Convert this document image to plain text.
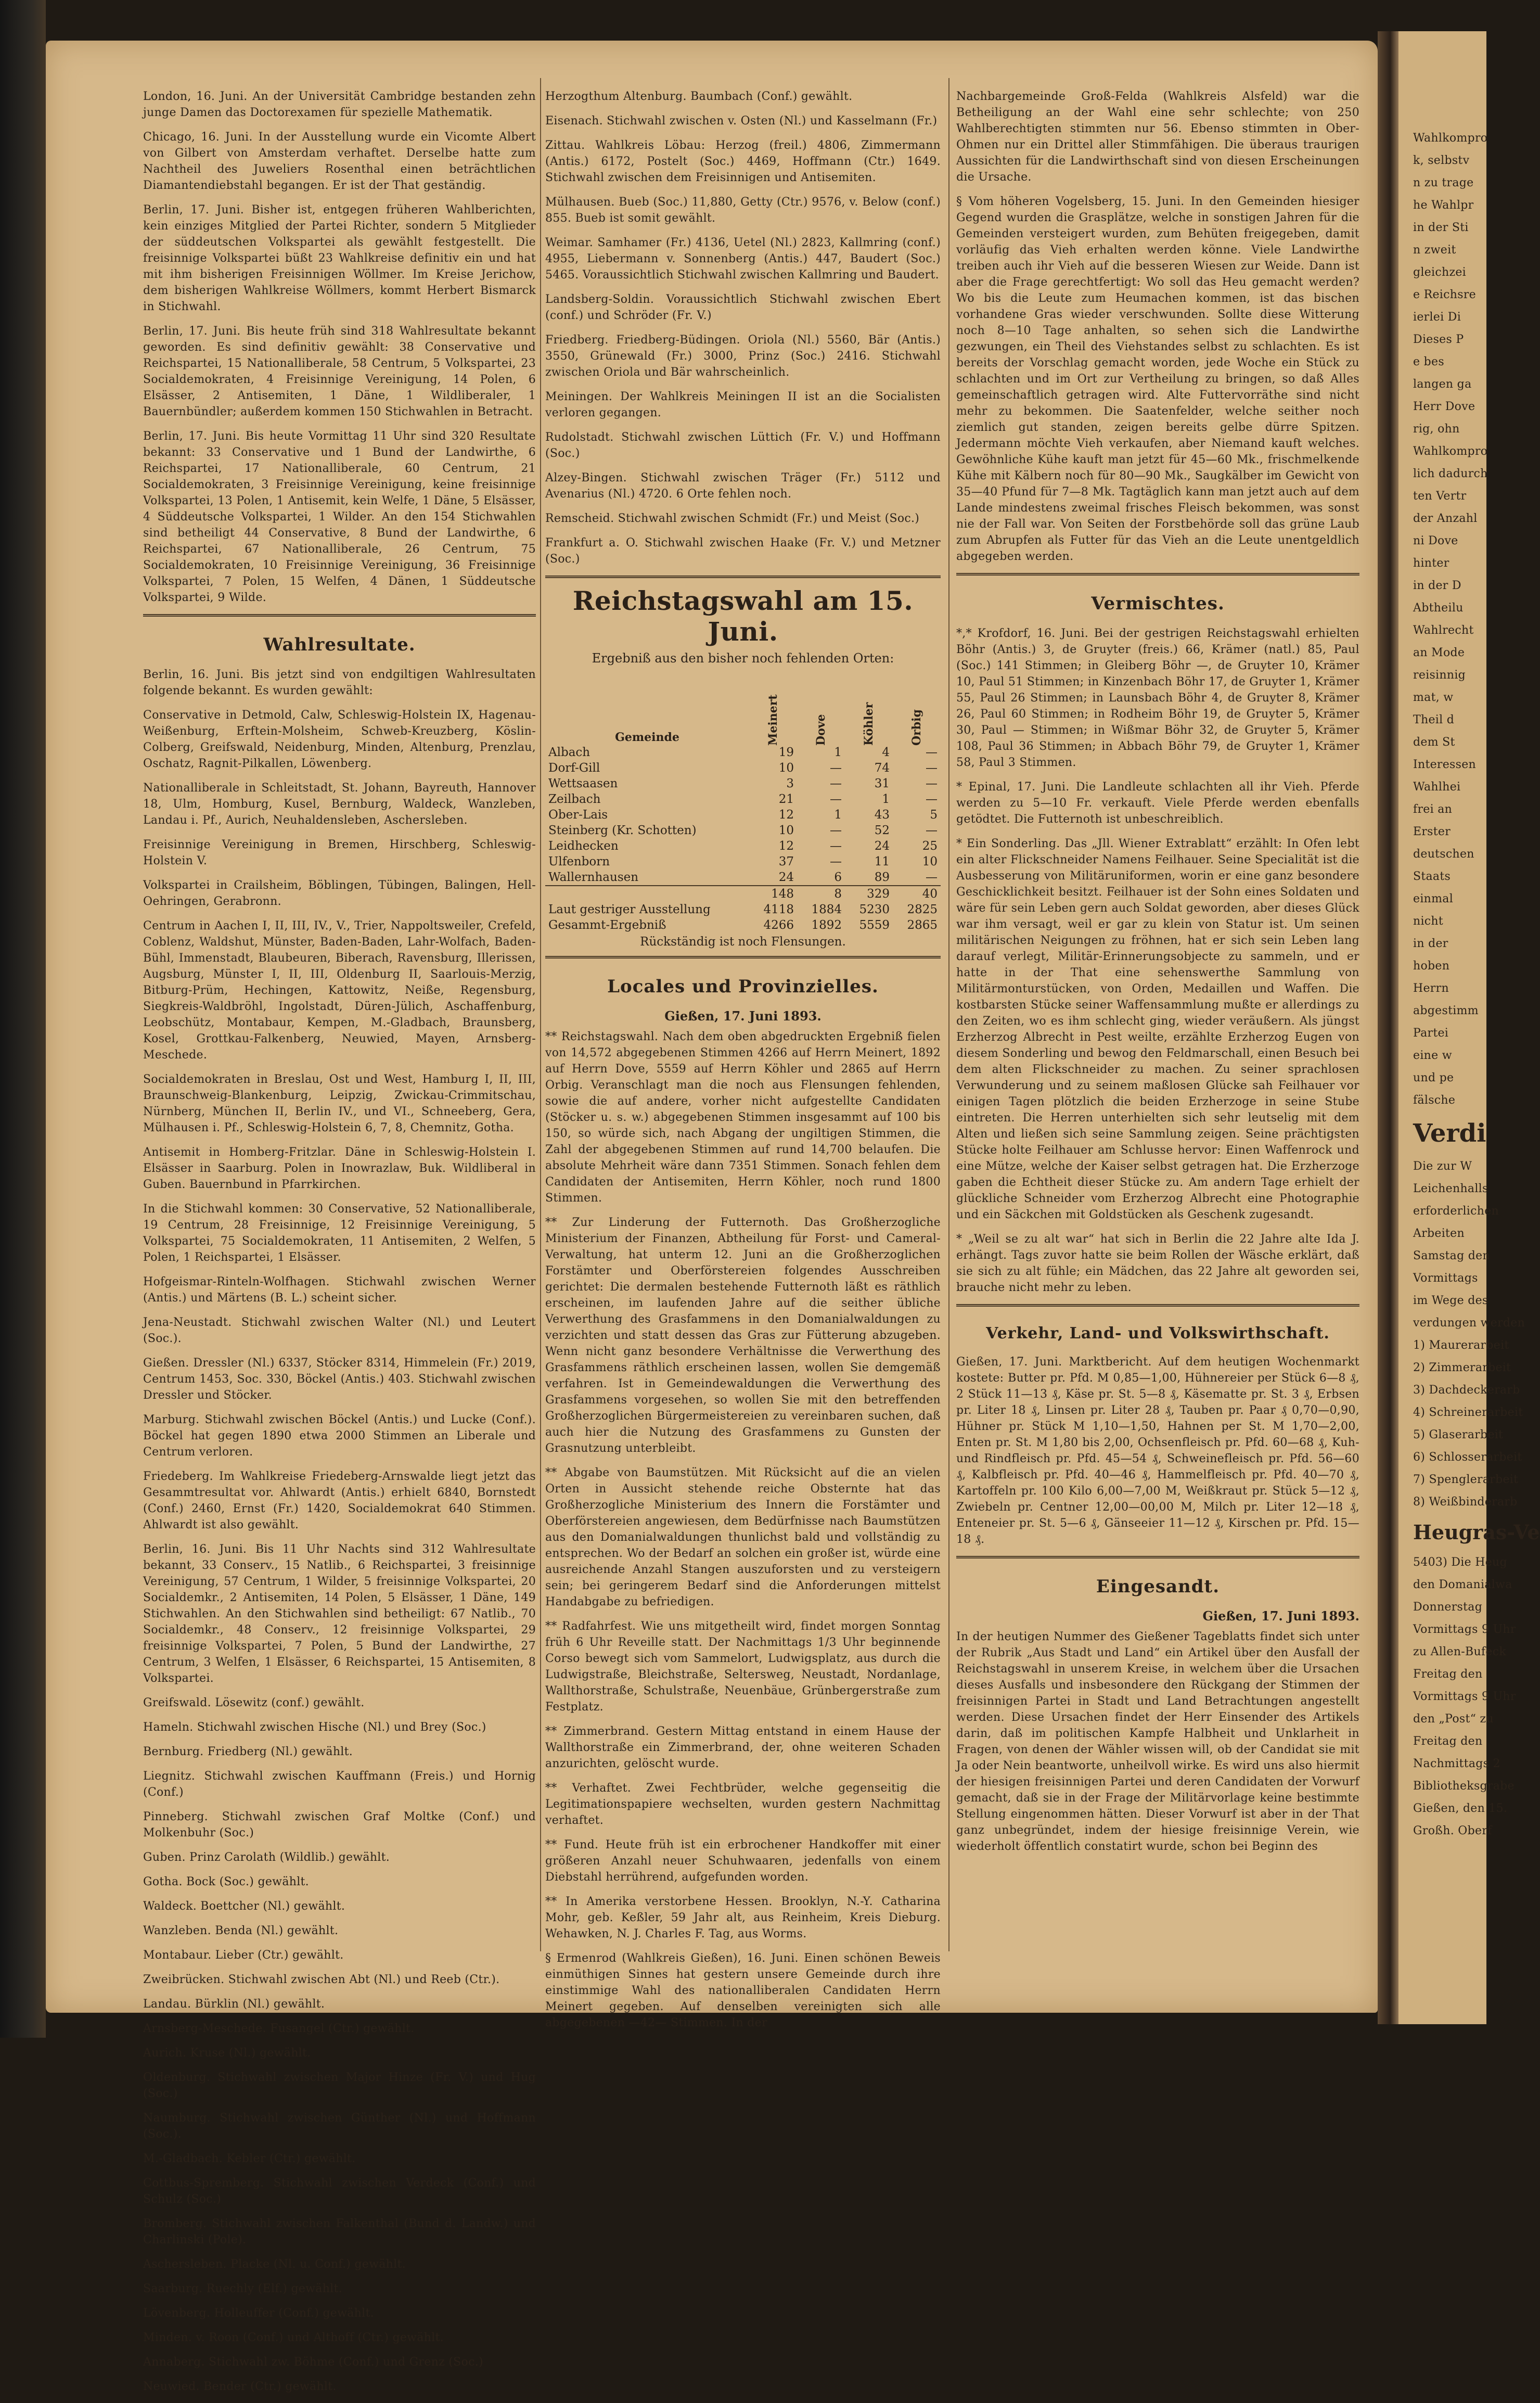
London, 16. Juni. An der Universität Cambridge bestanden zehn junge Damen das Doctorexamen für spezielle Mathematik.

Chicago, 16. Juni. In der Ausstellung wurde ein Vicomte Albert von Gilbert von Amsterdam verhaftet. Derselbe hatte zum Nachtheil des Juweliers Rosenthal einen beträchtlichen Diamantendiebstahl begangen. Er ist der That geständig.

Berlin, 17. Juni. Bisher ist, entgegen früheren Wahlberichten, kein einziges Mitglied der Partei Richter, sondern 5 Mitglieder der süddeutschen Volkspartei als gewählt festgestellt. Die freisinnige Volkspartei büßt 23 Wahlkreise definitiv ein und hat mit ihm bisherigen Freisinnigen Wöllmer. Im Kreise Jerichow, dem bisherigen Wahlkreise Wöllmers, kommt Herbert Bismarck in Stichwahl.

Berlin, 17. Juni. Bis heute früh sind 318 Wahlresultate bekannt geworden. Es sind definitiv gewählt: 38 Conservative und Reichspartei, 15 Nationalliberale, 58 Centrum, 5 Volkspartei, 23 Socialdemokraten, 4 Freisinnige Vereinigung, 14 Polen, 6 Elsässer, 2 Antisemiten, 1 Däne, 1 Wildliberaler, 1 Bauernbündler; außerdem kommen 150 Stichwahlen in Betracht.

Berlin, 17. Juni. Bis heute Vormittag 11 Uhr sind 320 Resultate bekannt: 33 Conservative und 1 Bund der Landwirthe, 6 Reichspartei, 17 Nationalliberale, 60 Centrum, 21 Socialdemokraten, 3 Freisinnige Vereinigung, keine freisinnige Volkspartei, 13 Polen, 1 Antisemit, kein Welfe, 1 Däne, 5 Elsässer, 4 Süddeutsche Volkspartei, 1 Wilder. An den 154 Stichwahlen sind betheiligt 44 Conservative, 8 Bund der Landwirthe, 6 Reichspartei, 67 Nationalliberale, 26 Centrum, 75 Socialdemokraten, 10 Freisinnige Vereinigung, 36 Freisinnige Volkspartei, 7 Polen, 15 Welfen, 4 Dänen, 1 Süddeutsche Volkspartei, 9 Wilde.

Wahlresultate.

Berlin, 16. Juni. Bis jetzt sind von endgiltigen Wahlresultaten folgende bekannt. Es wurden gewählt:

Conservative in Detmold, Calw, Schleswig-Holstein IX, Hagenau-Weißenburg, Erftein-Molsheim, Schweb-Kreuzberg, Köslin-Colberg, Greifswald, Neidenburg, Minden, Altenburg, Prenzlau, Oschatz, Ragnit-Pilkallen, Löwenberg.

Nationalliberale in Schleitstadt, St. Johann, Bayreuth, Hannover 18, Ulm, Homburg, Kusel, Bernburg, Waldeck, Wanzleben, Landau i. Pf., Aurich, Neuhaldensleben, Aschersleben.

Freisinnige Vereinigung in Bremen, Hirschberg, Schleswig-Holstein V.

Volkspartei in Crailsheim, Böblingen, Tübingen, Balingen, Hell-Oehringen, Gerabronn.

Centrum in Aachen I, II, III, IV., V., Trier, Nappoltsweiler, Crefeld, Coblenz, Waldshut, Münster, Baden-Baden, Lahr-Wolfach, Baden-Bühl, Immenstadt, Blaubeuren, Biberach, Ravensburg, Illerissen, Augsburg, Münster I, II, III, Oldenburg II, Saarlouis-Merzig, Bitburg-Prüm, Hechingen, Kattowitz, Neiße, Regensburg, Siegkreis-Waldbröhl, Ingolstadt, Düren-Jülich, Aschaffenburg, Leobschütz, Montabaur, Kempen, M.-Gladbach, Braunsberg, Kosel, Grottkau-Falkenberg, Neuwied, Mayen, Arnsberg-Meschede.

Socialdemokraten in Breslau, Ost und West, Hamburg I, II, III, Braunschweig-Blankenburg, Leipzig, Zwickau-Crimmitschau, Nürnberg, München II, Berlin IV., und VI., Schneeberg, Gera, Mülhausen i. Pf., Schleswig-Holstein 6, 7, 8, Chemnitz, Gotha.

Antisemit in Homberg-Fritzlar. Däne in Schleswig-Holstein I. Elsässer in Saarburg. Polen in Inowrazlaw, Buk. Wildliberal in Guben. Bauernbund in Pfarrkirchen.

In die Stichwahl kommen: 30 Conservative, 52 Nationalliberale, 19 Centrum, 28 Freisinnige, 12 Freisinnige Vereinigung, 5 Volkspartei, 75 Socialdemokraten, 11 Antisemiten, 2 Welfen, 5 Polen, 1 Reichspartei, 1 Elsässer.

Hofgeismar-Rinteln-Wolfhagen. Stichwahl zwischen Werner (Antis.) und Märtens (B. L.) scheint sicher.

Jena-Neustadt. Stichwahl zwischen Walter (Nl.) und Leutert (Soc.).

Gießen. Dressler (Nl.) 6337, Stöcker 8314, Himmelein (Fr.) 2019, Centrum 1453, Soc. 330, Böckel (Antis.) 403. Stichwahl zwischen Dressler und Stöcker.

Marburg. Stichwahl zwischen Böckel (Antis.) und Lucke (Conf.). Böckel hat gegen 1890 etwa 2000 Stimmen an Liberale und Centrum verloren.

Friedeberg. Im Wahlkreise Friedeberg-Arnswalde liegt jetzt das Gesammtresultat vor. Ahlwardt (Antis.) erhielt 6840, Bornstedt (Conf.) 2460, Ernst (Fr.) 1420, Socialdemokrat 640 Stimmen. Ahlwardt ist also gewählt.

Berlin, 16. Juni. Bis 11 Uhr Nachts sind 312 Wahlresultate bekannt, 33 Conserv., 15 Natlib., 6 Reichspartei, 3 freisinnige Vereinigung, 57 Centrum, 1 Wilder, 5 freisinnige Volkspartei, 20 Socialdemkr., 2 Antisemiten, 14 Polen, 5 Elsässer, 1 Däne, 149 Stichwahlen. An den Stichwahlen sind betheiligt: 67 Natlib., 70 Socialdemkr., 48 Conserv., 12 freisinnige Volkspartei, 29 freisinnige Volkspartei, 7 Polen, 5 Bund der Landwirthe, 27 Centrum, 3 Welfen, 1 Elsässer, 6 Reichspartei, 15 Antisemiten, 8 Volkspartei.

Greifswald. Lösewitz (conf.) gewählt.

Hameln. Stichwahl zwischen Hische (Nl.) und Brey (Soc.)

Bernburg. Friedberg (Nl.) gewählt.

Liegnitz. Stichwahl zwischen Kauffmann (Freis.) und Hornig (Conf.)

Pinneberg. Stichwahl zwischen Graf Moltke (Conf.) und Molkenbuhr (Soc.)

Guben. Prinz Carolath (Wildlib.) gewählt.

Gotha. Bock (Soc.) gewählt.

Waldeck. Boettcher (Nl.) gewählt.

Wanzleben. Benda (Nl.) gewählt.

Montabaur. Lieber (Ctr.) gewählt.

Zweibrücken. Stichwahl zwischen Abt (Nl.) und Reeb (Ctr.).

Landau. Bürklin (Nl.) gewählt.

Arnsberg-Meschede. Fusangel (Ctr.) gewählt.

Aurich. Kruse (Nl.) gewählt.

Oldenburg. Stichwahl zwischen Major Hinze (Fr. V.) und Hug (Soc.)

Naumburg. Stichwahl zwischen Günther (Nl.) und Hoffmann (Soc.).

M.-Gladbach. Kebler (Ctr.) gewählt.

Cottbus-Spremberg. Stichwahl zwischen Verdeck (Conf.) und Schulz (Soc.)

Bromberg. Stichwahl zwischen Falkenthal (Bund d. Landw.) und Charlinski (Pole).

Aschersleben. Placke (Nl. u. Conf.) gewählt.

Saarburg. Ruechly (Elf.) gewählt.

Lövenberg. Holleuffer (Conf.) gewählt.

Minden. v. Roon (Conf.) und Althoff (Ctr.) gewählt.

Annaberg. Stichwahl zw. Böhme (Conf.) und Grenz (Soc.)

Neuwied. Bender (Ctr.) gewählt.

Herzogthum Altenburg. Baumbach (Conf.) gewählt.

Eisenach. Stichwahl zwischen v. Osten (Nl.) und Kasselmann (Fr.)

Zittau. Wahlkreis Löbau: Herzog (freil.) 4806, Zimmermann (Antis.) 6172, Postelt (Soc.) 4469, Hoffmann (Ctr.) 1649. Stichwahl zwischen dem Freisinnigen und Antisemiten.

Mülhausen. Bueb (Soc.) 11,880, Getty (Ctr.) 9576, v. Below (conf.) 855. Bueb ist somit gewählt.

Weimar. Samhamer (Fr.) 4136, Uetel (Nl.) 2823, Kallmring (conf.) 4955, Liebermann v. Sonnenberg (Antis.) 447, Baudert (Soc.) 5465. Voraussichtlich Stichwahl zwischen Kallmring und Baudert.

Landsberg-Soldin. Voraussichtlich Stichwahl zwischen Ebert (conf.) und Schröder (Fr. V.)

Friedberg. Friedberg-Büdingen. Oriola (Nl.) 5560, Bär (Antis.) 3550, Grünewald (Fr.) 3000, Prinz (Soc.) 2416. Stichwahl zwischen Oriola und Bär wahrscheinlich.

Meiningen. Der Wahlkreis Meiningen II ist an die Socialisten verloren gegangen.

Rudolstadt. Stichwahl zwischen Lüttich (Fr. V.) und Hoffmann (Soc.)

Alzey-Bingen. Stichwahl zwischen Träger (Fr.) 5112 und Avenarius (Nl.) 4720. 6 Orte fehlen noch.

Remscheid. Stichwahl zwischen Schmidt (Fr.) und Meist (Soc.)

Frankfurt a. O. Stichwahl zwischen Haake (Fr. V.) und Metzner (Soc.)

Reichstagswahl am 15. Juni.
Ergebniß aus den bisher noch fehlenden Orten:
Gemeinde	Meinert	Dove	Köhler	Orbig
Albach	19	1	4	—
Dorf-Gill	10	—	74	—
Wettsaasen	3	—	31	—
Zeilbach	21	—	1	—
Ober-Lais	12	1	43	5
Steinberg (Kr. Schotten)	10	—	52	—
Leidhecken	12	—	24	25
Ulfenborn	37	—	11	10
Wallernhausen	24	6	89	—
	148	8	329	40
Laut gestriger Ausstellung	4118	1884	5230	2825
Gesammt-Ergebniß	4266	1892	5559	2865
Rückständig ist noch Flensungen.
Locales und Provinzielles.
Gießen, 17. Juni 1893.

** Reichstagswahl. Nach dem oben abgedruckten Ergebniß fielen von 14,572 abgegebenen Stimmen 4266 auf Herrn Meinert, 1892 auf Herrn Dove, 5559 auf Herrn Köhler und 2865 auf Herrn Orbig. Veranschlagt man die noch aus Flensungen fehlenden, sowie die auf andere, vorher nicht aufgestellte Candidaten (Stöcker u. s. w.) abgegebenen Stimmen insgesammt auf 100 bis 150, so würde sich, nach Abgang der ungiltigen Stimmen, die Zahl der abgegebenen Stimmen auf rund 14,700 belaufen. Die absolute Mehrheit wäre dann 7351 Stimmen. Sonach fehlen dem Candidaten der Antisemiten, Herrn Köhler, noch rund 1800 Stimmen.

** Zur Linderung der Futternoth. Das Großherzogliche Ministerium der Finanzen, Abtheilung für Forst- und Cameral-Verwaltung, hat unterm 12. Juni an die Großherzoglichen Forstämter und Oberförstereien folgendes Ausschreiben gerichtet: Die dermalen bestehende Futternoth läßt es räthlich erscheinen, im laufenden Jahre auf die seither übliche Verwerthung des Grasfammens in den Domanialwaldungen zu verzichten und statt dessen das Gras zur Fütterung abzugeben. Wenn nicht ganz besondere Verhältnisse die Verwerthung des Grasfammens räthlich erscheinen lassen, wollen Sie demgemäß verfahren. Ist in Gemeindewaldungen die Verwerthung des Grasfammens vorgesehen, so wollen Sie mit den betreffenden Großherzoglichen Bürgermeistereien zu vereinbaren suchen, daß auch hier die Nutzung des Grasfammens zu Gunsten der Grasnutzung unterbleibt.

** Abgabe von Baumstützen. Mit Rücksicht auf die an vielen Orten in Aussicht stehende reiche Obsternte hat das Großherzogliche Ministerium des Innern die Forstämter und Oberförstereien angewiesen, dem Bedürfnisse nach Baumstützen aus den Domanialwaldungen thunlichst bald und vollständig zu entsprechen. Wo der Bedarf an solchen ein großer ist, würde eine ausreichende Anzahl Stangen auszuforsten und zu versteigern sein; bei geringerem Bedarf sind die Anforderungen mittelst Handabgabe zu befriedigen.

** Radfahrfest. Wie uns mitgetheilt wird, findet morgen Sonntag früh 6 Uhr Reveille statt. Der Nachmittags 1/3 Uhr beginnende Corso bewegt sich vom Sammelort, Ludwigsplatz, aus durch die Ludwigstraße, Bleichstraße, Seltersweg, Neustadt, Nordanlage, Wallthorstraße, Schulstraße, Neuenbäue, Grünbergerstraße zum Festplatz.

** Zimmerbrand. Gestern Mittag entstand in einem Hause der Wallthorstraße ein Zimmerbrand, der, ohne weiteren Schaden anzurichten, gelöscht wurde.

** Verhaftet. Zwei Fechtbrüder, welche gegenseitig die Legitimationspapiere wechselten, wurden gestern Nachmittag verhaftet.

** Fund. Heute früh ist ein erbrochener Handkoffer mit einer größeren Anzahl neuer Schuhwaaren, jedenfalls von einem Diebstahl herrührend, aufgefunden worden.

** In Amerika verstorbene Hessen. Brooklyn, N.-Y. Catharina Mohr, geb. Keßler, 59 Jahr alt, aus Reinheim, Kreis Dieburg. Wehawken, N. J. Charles F. Tag, aus Worms.

§ Ermenrod (Wahlkreis Gießen), 16. Juni. Einen schönen Beweis einmüthigen Sinnes hat gestern unsere Gemeinde durch ihre einstimmige Wahl des nationalliberalen Candidaten Herrn Meinert gegeben. Auf denselben vereinigten sich alle abgegebenen —42— Stimmen. In der

Nachbargemeinde Groß-Felda (Wahlkreis Alsfeld) war die Betheiligung an der Wahl eine sehr schlechte; von 250 Wahlberechtigten stimmten nur 56. Ebenso stimmten in Ober-Ohmen nur ein Drittel aller Stimmfähigen. Die überaus traurigen Aussichten für die Landwirthschaft sind von diesen Erscheinungen die Ursache.

§ Vom höheren Vogelsberg, 15. Juni. In den Gemeinden hiesiger Gegend wurden die Grasplätze, welche in sonstigen Jahren für die Gemeinden versteigert wurden, zum Behüten freigegeben, damit vorläufig das Vieh erhalten werden könne. Viele Landwirthe treiben auch ihr Vieh auf die besseren Wiesen zur Weide. Dann ist aber die Frage gerechtfertigt: Wo soll das Heu gemacht werden? Wo bis die Leute zum Heumachen kommen, ist das bischen vorhandene Gras wieder verschwunden. Sollte diese Witterung noch 8—10 Tage anhalten, so sehen sich die Landwirthe gezwungen, ein Theil des Viehstandes selbst zu schlachten. Es ist bereits der Vorschlag gemacht worden, jede Woche ein Stück zu schlachten und im Ort zur Vertheilung zu bringen, so daß Alles gemeinschaftlich getragen wird. Alte Futtervorräthe sind nicht mehr zu bekommen. Die Saatenfelder, welche seither noch ziemlich gut standen, zeigen bereits gelbe dürre Spitzen. Jedermann möchte Vieh verkaufen, aber Niemand kauft welches. Gewöhnliche Kühe kauft man jetzt für 45—60 Mk., frischmelkende Kühe mit Kälbern noch für 80—90 Mk., Saugkälber im Gewicht von 35—40 Pfund für 7—8 Mk. Tagtäglich kann man jetzt auch auf dem Lande mindestens zweimal frisches Fleisch bekommen, was sonst nie der Fall war. Von Seiten der Forstbehörde soll das grüne Laub zum Abrupfen als Futter für das Vieh an die Leute unentgeldlich abgegeben werden.

Vermischtes.

*,* Krofdorf, 16. Juni. Bei der gestrigen Reichstagswahl erhielten Böhr (Antis.) 3, de Gruyter (freis.) 66, Krämer (natl.) 85, Paul (Soc.) 141 Stimmen; in Gleiberg Böhr —, de Gruyter 10, Krämer 10, Paul 51 Stimmen; in Kinzenbach Böhr 17, de Gruyter 1, Krämer 55, Paul 26 Stimmen; in Launsbach Böhr 4, de Gruyter 8, Krämer 26, Paul 60 Stimmen; in Rodheim Böhr 19, de Gruyter 5, Krämer 30, Paul — Stimmen; in Wißmar Böhr 32, de Gruyter 5, Krämer 108, Paul 36 Stimmen; in Abbach Böhr 79, de Gruyter 1, Krämer 58, Paul 3 Stimmen.

* Epinal, 17. Juni. Die Landleute schlachten all ihr Vieh. Pferde werden zu 5—10 Fr. verkauft. Viele Pferde werden ebenfalls getödtet. Die Futternoth ist unbeschreiblich.

* Ein Sonderling. Das „Jll. Wiener Extrablatt“ erzählt: In Ofen lebt ein alter Flickschneider Namens Feilhauer. Seine Specialität ist die Ausbesserung von Militäruniformen, worin er eine ganz besondere Geschicklichkeit besitzt. Feilhauer ist der Sohn eines Soldaten und wäre für sein Leben gern auch Soldat geworden, aber dieses Glück war ihm versagt, weil er gar zu klein von Statur ist. Um seinen militärischen Neigungen zu fröhnen, hat er sich sein Leben lang darauf verlegt, Militär-Erinnerungsobjecte zu sammeln, und er hatte in der That eine sehenswerthe Sammlung von Militärmonturstücken, von Orden, Medaillen und Waffen. Die kostbarsten Stücke seiner Waffensammlung mußte er allerdings zu den Zeiten, wo es ihm schlecht ging, wieder veräußern. Als jüngst Erzherzog Albrecht in Pest weilte, erzählte Erzherzog Eugen von diesem Sonderling und bewog den Feldmarschall, einen Besuch bei dem alten Flickschneider zu machen. Zu seiner sprachlosen Verwunderung und zu seinem maßlosen Glücke sah Feilhauer vor einigen Tagen plötzlich die beiden Erzherzoge in seine Stube eintreten. Die Herren unterhielten sich sehr leutselig mit dem Alten und ließen sich seine Sammlung zeigen. Seine prächtigsten Stücke holte Feilhauer am Schlusse hervor: Einen Waffenrock und eine Mütze, welche der Kaiser selbst getragen hat. Die Erzherzoge gaben die Echtheit dieser Stücke zu. Am andern Tage erhielt der glückliche Schneider vom Erzherzog Albrecht eine Photographie und ein Säckchen mit Goldstücken als Geschenk zugesandt.

* „Weil se zu alt war“ hat sich in Berlin die 22 Jahre alte Ida J. erhängt. Tags zuvor hatte sie beim Rollen der Wäsche erklärt, daß sie sich zu alt fühle; ein Mädchen, das 22 Jahre alt geworden sei, brauche nicht mehr zu leben.

Verkehr, Land- und Volkswirthschaft.

Gießen, 17. Juni. Marktbericht. Auf dem heutigen Wochenmarkt kostete: Butter pr. Pfd. M 0,85—1,00, Hühnereier per Stück 6—8 ₰, 2 Stück 11—13 ₰, Käse pr. St. 5—8 ₰, Käsematte pr. St. 3 ₰, Erbsen pr. Liter 18 ₰, Linsen pr. Liter 28 ₰, Tauben pr. Paar ₰ 0,70—0,90, Hühner pr. Stück M 1,10—1,50, Hahnen per St. M 1,70—2,00, Enten pr. St. M 1,80 bis 2,00, Ochsenfleisch pr. Pfd. 60—68 ₰, Kuh- und Rindfleisch pr. Pfd. 45—54 ₰, Schweinefleisch pr. Pfd. 56—60 ₰, Kalbfleisch pr. Pfd. 40—46 ₰, Hammelfleisch pr. Pfd. 40—70 ₰, Kartoffeln pr. 100 Kilo 6,00—7,00 M, Weißkraut pr. Stück 5—12 ₰, Zwiebeln pr. Centner 12,00—00,00 M, Milch pr. Liter 12—18 ₰, Enteneier pr. St. 5—6 ₰, Gänseeier 11—12 ₰, Kirschen pr. Pfd. 15—18 ₰.

Eingesandt.
Gießen, 17. Juni 1893.

In der heutigen Nummer des Gießener Tageblatts findet sich unter der Rubrik „Aus Stadt und Land“ ein Artikel über den Ausfall der Reichstagswahl in unserem Kreise, in welchem über die Ursachen dieses Ausfalls und insbesondere den Rückgang der Stimmen der freisinnigen Partei in Stadt und Land Betrachtungen angestellt werden. Diese Ursachen findet der Herr Einsender des Artikels darin, daß im politischen Kampfe Halbheit und Unklarheit in Fragen, von denen der Wähler wissen will, ob der Candidat sie mit Ja oder Nein beantworte, unheilvoll wirke. Es wird uns also hiermit der hiesigen freisinnigen Partei und deren Candidaten der Vorwurf gemacht, daß sie in der Frage der Militärvorlage keine bestimmte Stellung eingenommen hätten. Dieser Vorwurf ist aber in der That ganz unbegründet, indem der hiesige freisinnige Verein, wie wiederholt öffentlich constatirt wurde, schon bei Beginn des

Wahlkompro

k, selbstv

n zu trage

he Wahlpr

in der Sti

n zweit

gleichzei

e Reichsre

ierlei Di

Dieses P

e bes

langen ga

Herr Dove

rig, ohn

Wahlkompro

lich dadurch

ten Vertr

der Anzahl

ni Dove

hinter

in der D

Abtheilu

Wahlrecht

an Mode

reisinnig

mat, w

Theil d

dem St

Interessen

Wahlhei

frei an

Erster

deutschen

Staats

einmal

nicht

in der

hoben

Herrn

abgestimm

Partei

eine w

und pe

fälsche

Verdi

Die zur W

Leichenhalls

erforderlichen

Arbeiten

Samstag den

Vormittags

im Wege des

verdungen werden

1) Maurerarbeit

2) Zimmerarbeit

3) Dachdeckerarb

4) Schreinerarbeit

5) Glaserarbeit

6) Schlosserarbeit

7) Spenglerarbeit

8) Weißbinderarb

Heugras-Ve

5403) Die Heug

den Domanialwa

Donnerstag

Vormittags 9 Uhr

zu Allen-Bufeck

Freitag den

Vormittags 9 Uhr

den „Post“ zu

Freitag den

Nachmittags 2

Bibliotheksgrabe

Gießen, den 15.

Großh. Oberf
